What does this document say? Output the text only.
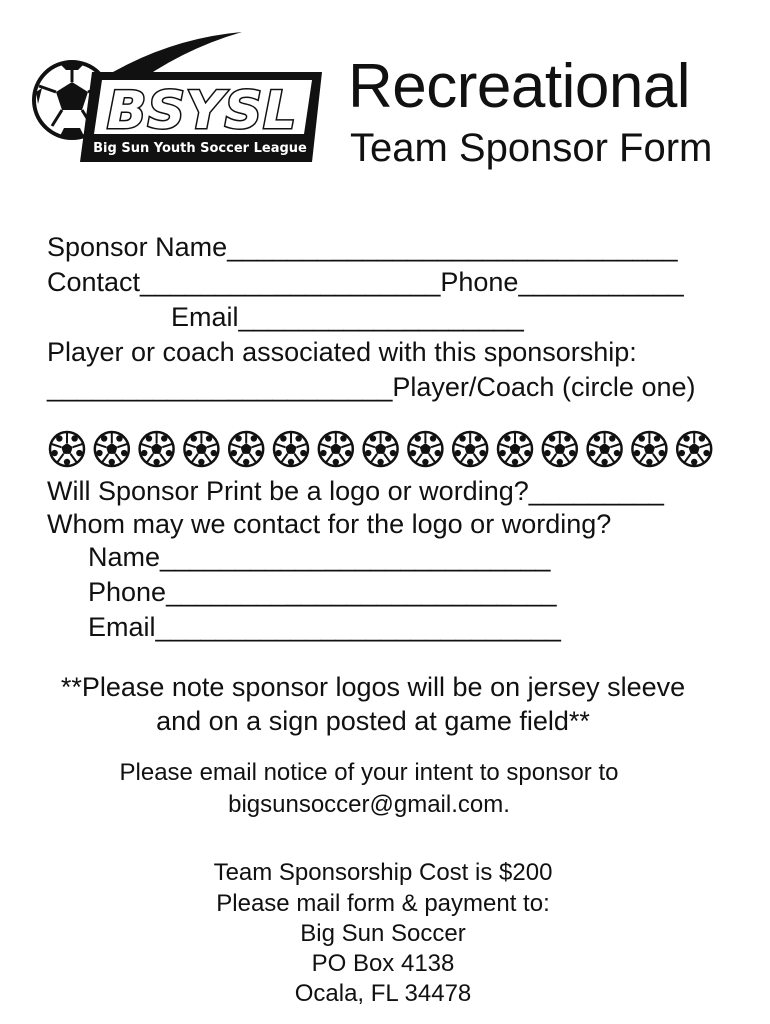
BSYSL
Big Sun Youth Soccer League
Recreational
Team Sponsor Form
Sponsor Name______________________________
Contact____________________Phone___________
Email___________________
Player or coach associated with this sponsorship:
_______________________Player/Coach (circle one)
Will Sponsor Print be a logo or wording?_________
Whom may we contact for the logo or wording?
Name__________________________
Phone__________________________
Email___________________________
**Please note sponsor logos will be on jersey sleeve
and on a sign posted at game field**
Please email notice of your intent to sponsor to
bigsunsoccer@gmail.com.
Team Sponsorship Cost is $200
Please mail form & payment to:
Big Sun Soccer
PO Box 4138
Ocala, FL 34478
